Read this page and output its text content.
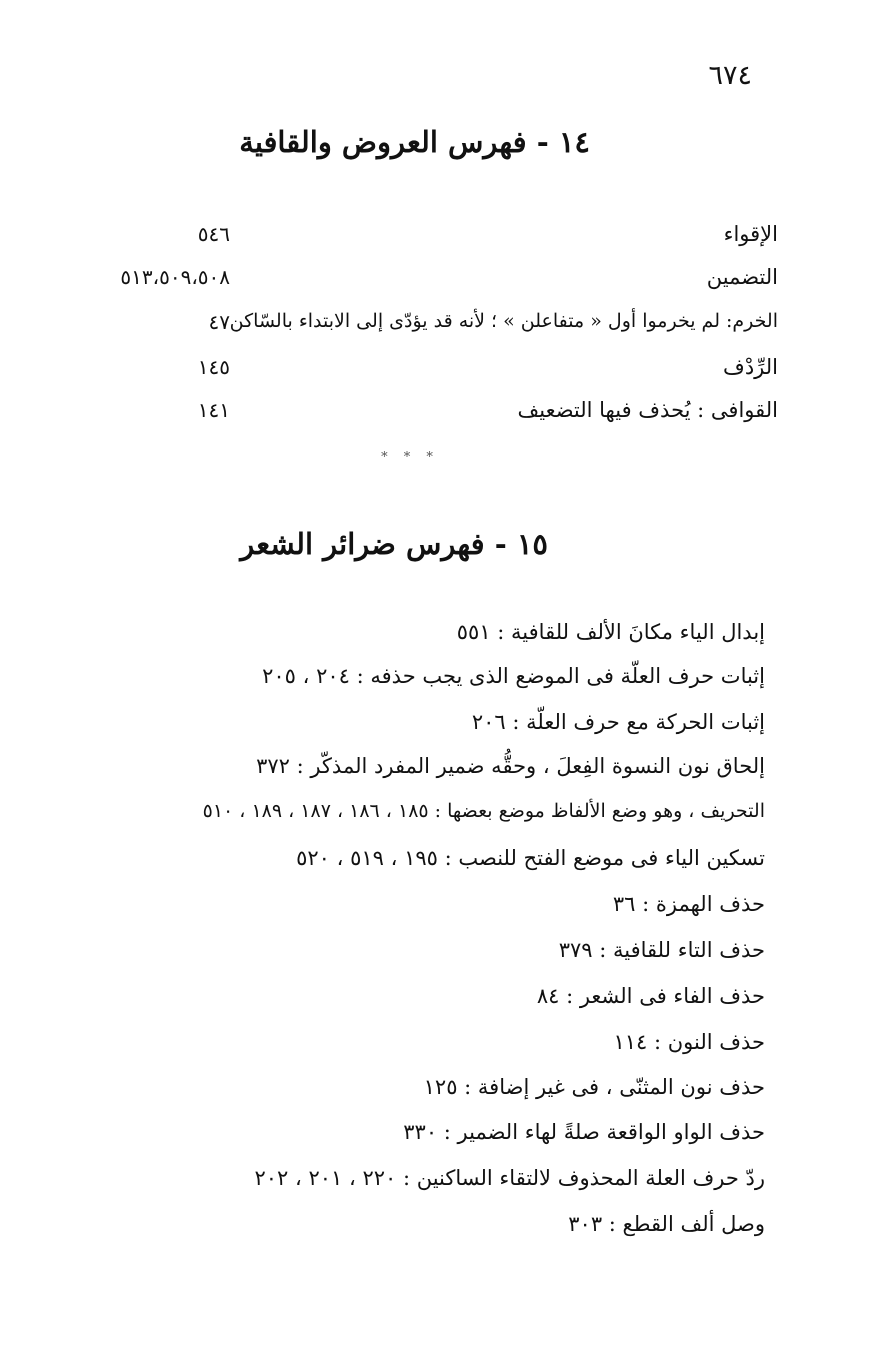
٦٧٤
١٤ - فهرس العروض والقافية
الإقواء
٥٤٦
التضمين
٥١٣،٥٠٩،٥٠٨
الخرم: لم يخرموا أول « متفاعلن » ؛ لأنه قد يؤدّى إلى الابتداء بالسّاكن
٤٧
الرِّدْف
١٤٥
القوافى : يُحذف فيها التضعيف
١٤١
* * *
١٥ - فهرس ضرائر الشعر
إبدال الياء مكانَ الألف للقافية : ٥٥١
إثبات حرف العلّة فى الموضع الذى يجب حذفه : ٢٠٤ ، ٢٠٥
إثبات الحركة مع حرف العلّة : ٢٠٦
إلحاق نون النسوة الفِعلَ ، وحقُّه ضمير المفرد المذكّر : ٣٧٢
التحريف ، وهو وضع الألفاظ موضع بعضها : ١٨٥ ، ١٨٦ ، ١٨٧ ، ١٨٩ ، ٥١٠
تسكين الياء فى موضع الفتح للنصب : ١٩٥ ، ٥١٩ ، ٥٢٠
حذف الهمزة : ٣٦
حذف التاء للقافية : ٣٧٩
حذف الفاء فى الشعر : ٨٤
حذف النون : ١١٤
حذف نون المثنّى ، فى غير إضافة : ١٢٥
حذف الواو الواقعة صلةً لهاء الضمير : ٣٣٠
ردّ حرف العلة المحذوف لالتقاء الساكنين : ٢٢٠ ، ٢٠١ ، ٢٠٢
وصل ألف القطع : ٣٠٣
